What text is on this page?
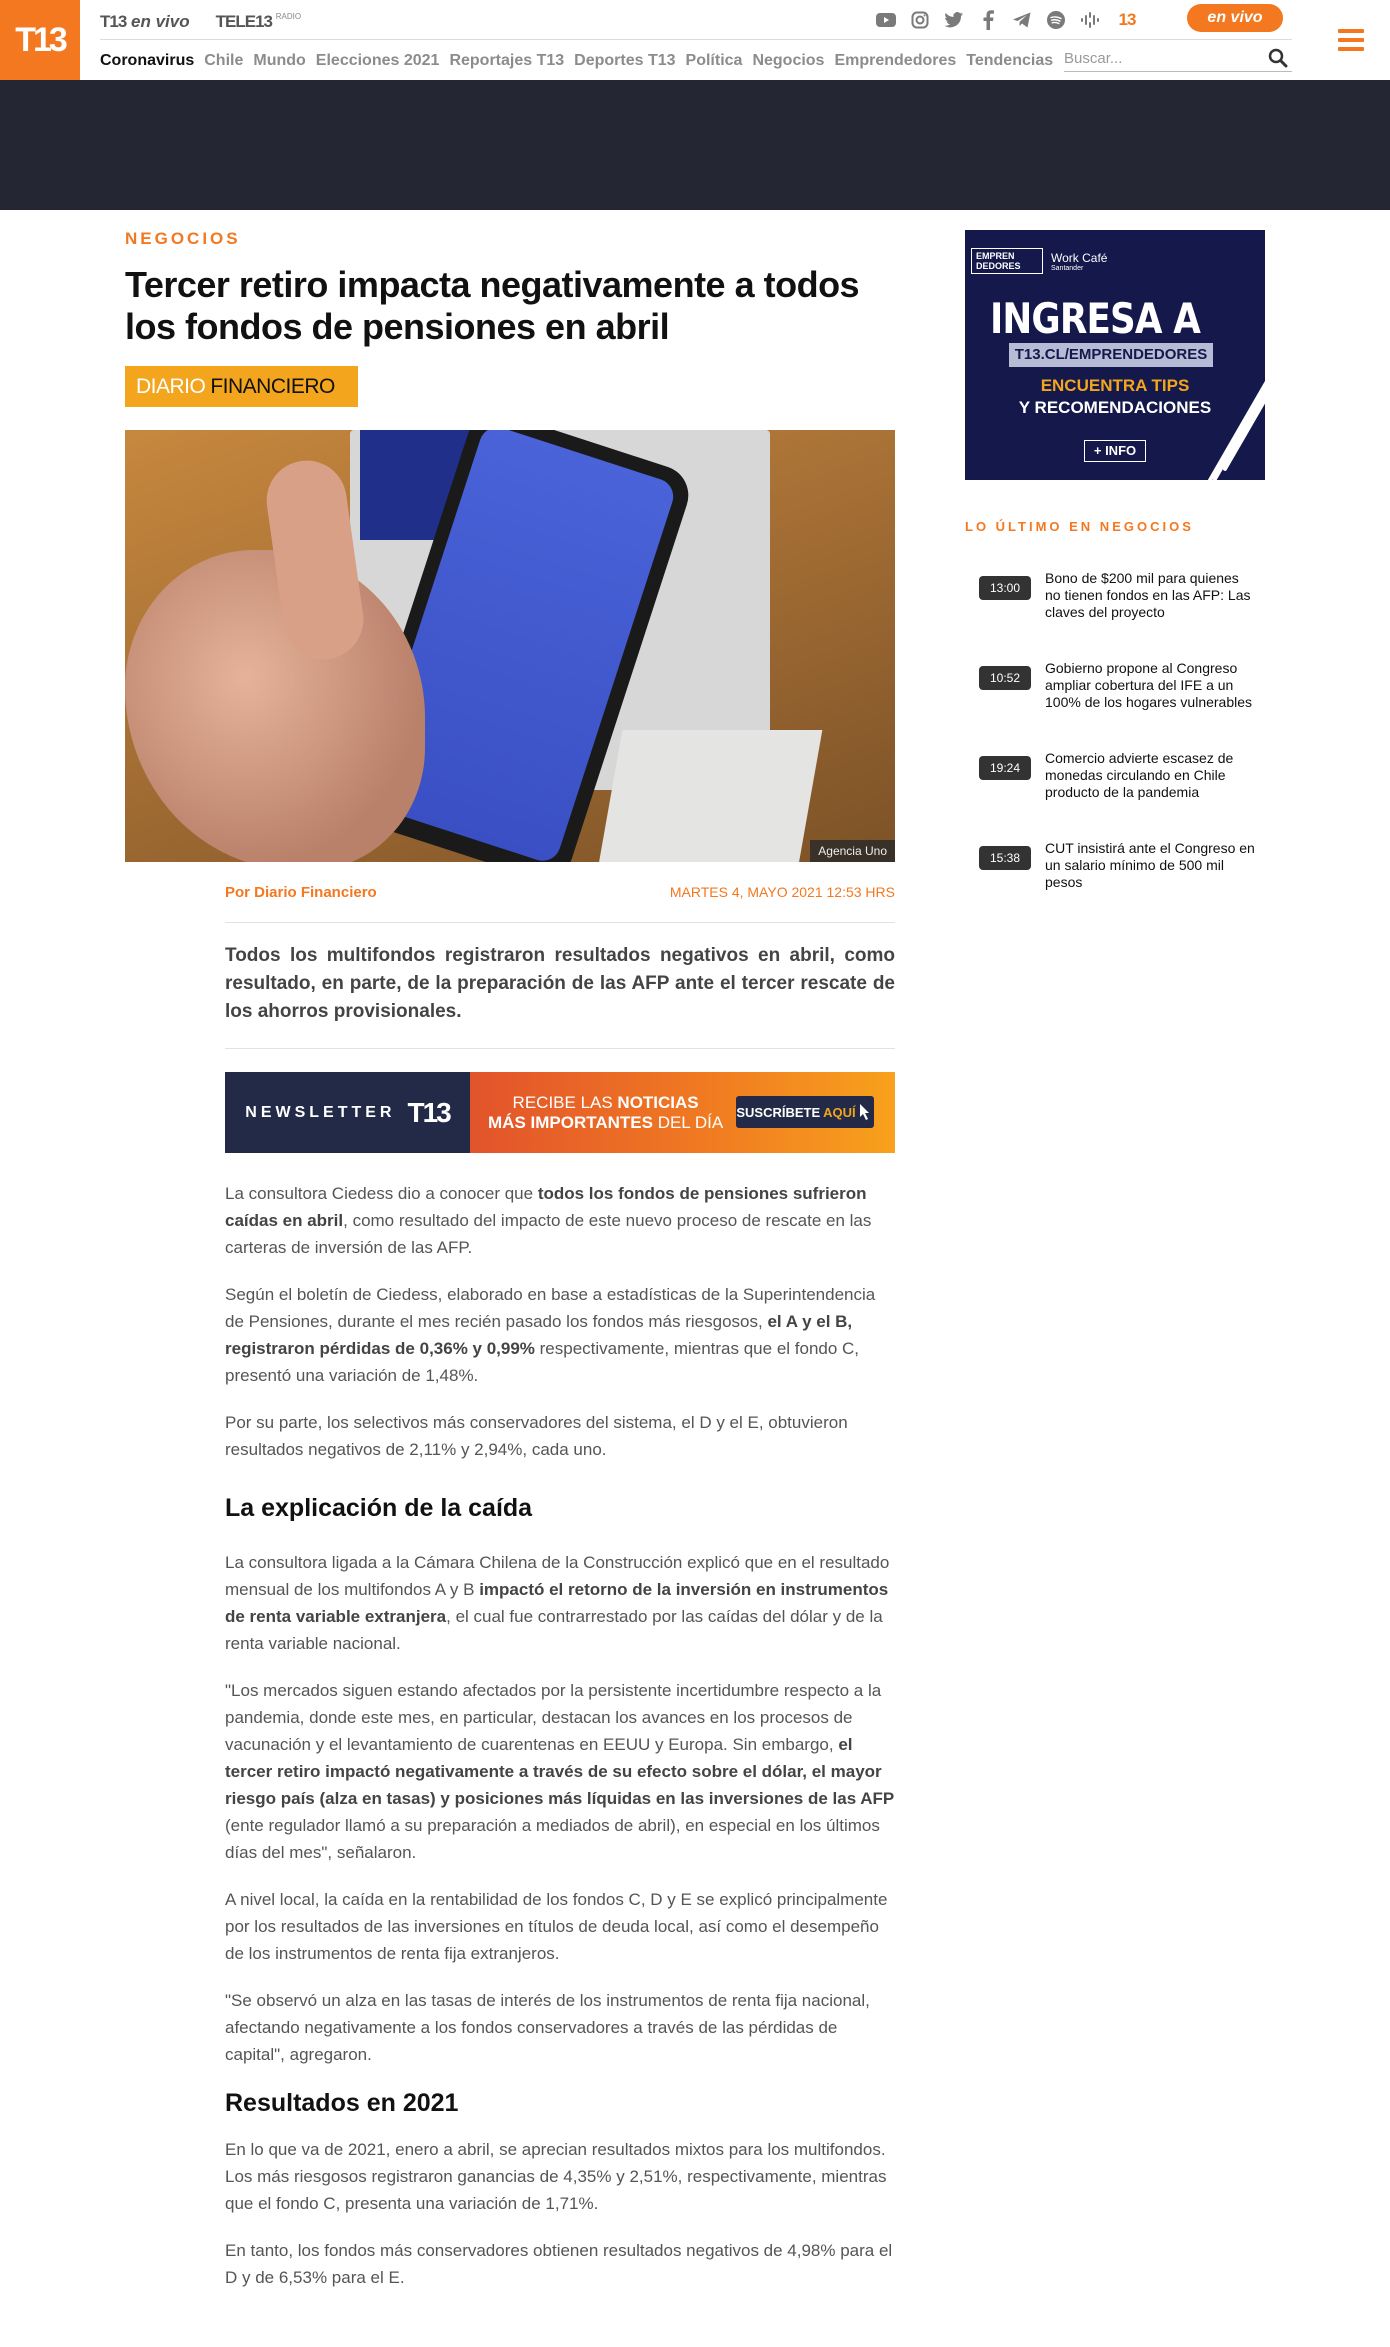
T13 T13 en vivo TELE13 $^{RADIO}$	13	en vivo
Coronavirus Chile Mundo Elecciones 2021 Reportajes T13 Deportes T13 Política Negocios Emprendedores Tendencias
Buscar...
NEGOCIOS
Tercer retiro impacta negativamente a todos los fondos de pensiones en abril
DIARIO FINANCIERO
Agencia Uno
Por Diario Financiero	MARTES 4, MAYO 2021 12:53 HRS

Todos los multifondos registraron resultados negativos en abril, como resultado, en parte, de la preparación de las AFP ante el tercer rescate de los ahorros provisionales.

NEWSLETTER T13	RECIBE LAS NOTICIAS
MÁS IMPORTANTES DEL DÍA
SUSCRÍBETE AQUÍ

La consultora Ciedess dio a conocer que todos los fondos de pensiones sufrieron caídas en abril, como resultado del impacto de este nuevo proceso de rescate en las carteras de inversión de las AFP.

Según el boletín de Ciedess, elaborado en base a estadísticas de la Superintendencia de Pensiones, durante el mes recién pasado los fondos más riesgosos, el A y el B, registraron pérdidas de 0,36% y 0,99% respectivamente, mientras que el fondo C, presentó una variación de 1,48%.

Por su parte, los selectivos más conservadores del sistema, el D y el E, obtuvieron resultados negativos de 2,11% y 2,94%, cada uno.

La explicación de la caída

La consultora ligada a la Cámara Chilena de la Construcción explicó que en el resultado mensual de los multifondos A y B impactó el retorno de la inversión en instrumentos de renta variable extranjera, el cual fue contrarrestado por las caídas del dólar y de la renta variable nacional.

"Los mercados siguen estando afectados por la persistente incertidumbre respecto a la pandemia, donde este mes, en particular, destacan los avances en los procesos de vacunación y el levantamiento de cuarentenas en EEUU y Europa. Sin embargo, el tercer retiro impactó negativamente a través de su efecto sobre el dólar, el mayor riesgo país (alza en tasas) y posiciones más líquidas en las inversiones de las AFP (ente regulador llamó a su preparación a mediados de abril), en especial en los últimos días del mes", señalaron.

A nivel local, la caída en la rentabilidad de los fondos C, D y E se explicó principalmente por los resultados de las inversiones en títulos de deuda local, así como el desempeño de los instrumentos de renta fija extranjeros.

"Se observó un alza en las tasas de interés de los instrumentos de renta fija nacional, afectando negativamente a los fondos conservadores a través de las pérdidas de capital", agregaron.

Resultados en 2021

En lo que va de 2021, enero a abril, se aprecian resultados mixtos para los multifondos. Los más riesgosos registraron ganancias de 4,35% y 2,51%, respectivamente, mientras que el fondo C, presenta una variación de 1,71%.

En tanto, los fondos más conservadores obtienen resultados negativos de 4,98% para el D y de 6,53% para el E.

EMPREN DEDORES
Work Café
Santander
INGRESA A
T13.CL/EMPRENDEDORES
ENCUENTRA TIPS
Y RECOMENDACIONES
+ INFO
LO ÚLTIMO EN NEGOCIOS
13:00
Bono de $200 mil para quienes no tienen fondos en las AFP: Las claves del proyecto
10:52
Gobierno propone al Congreso ampliar cobertura del IFE a un 100% de los hogares vulnerables
19:24
Comercio advierte escasez de monedas circulando en Chile producto de la pandemia
15:38
CUT insistirá ante el Congreso en un salario mínimo de 500 mil pesos
